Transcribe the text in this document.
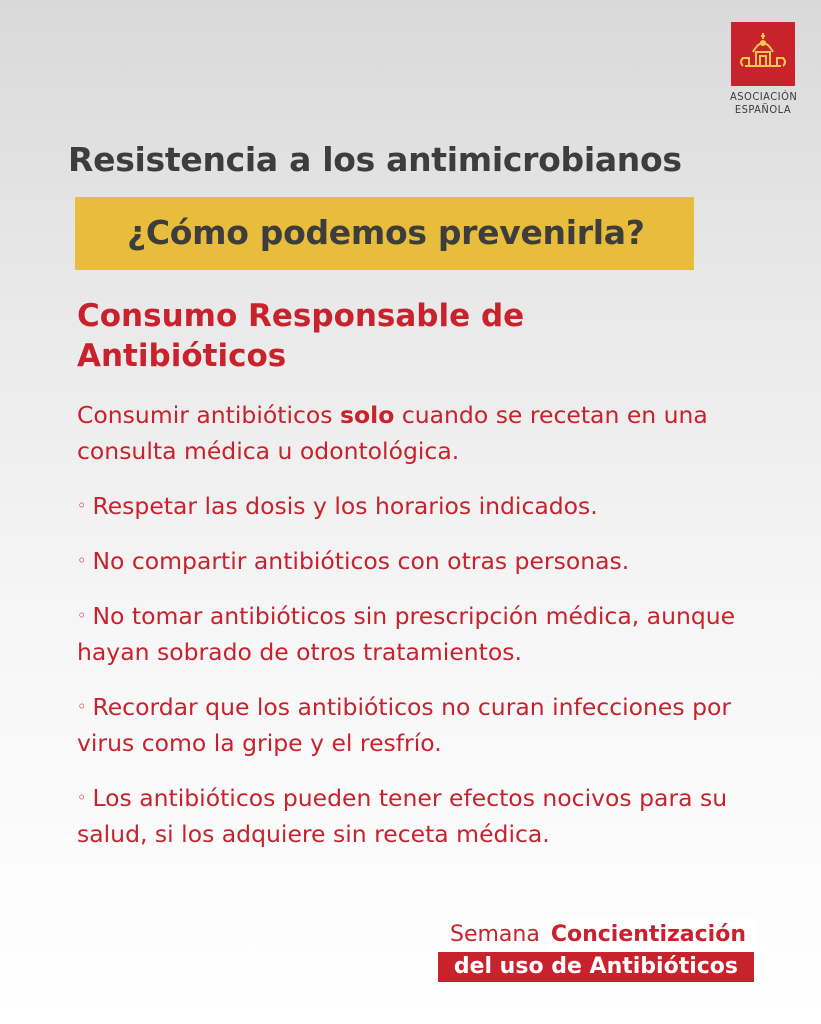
ASOCIACIÓN
ESPAÑOLA
Resistencia a los antimicrobianos
¿Cómo podemos prevenirla?
Consumo Responsable de Antibióticos

Consumir antibióticos solo cuando se recetan en una consulta médica u odontológica.

◦ Respetar las dosis y los horarios indicados.

◦ No compartir antibióticos con otras personas.

◦ No tomar antibióticos sin prescripción médica, aunque hayan sobrado de otros tratamientos.

◦ Recordar que los antibióticos no curan infecciones por virus como la gripe y el resfrío.

◦ Los antibióticos pueden tener efectos nocivos para su salud, si los adquiere sin receta médica.

Semana Concientización
del uso de Antibióticos
